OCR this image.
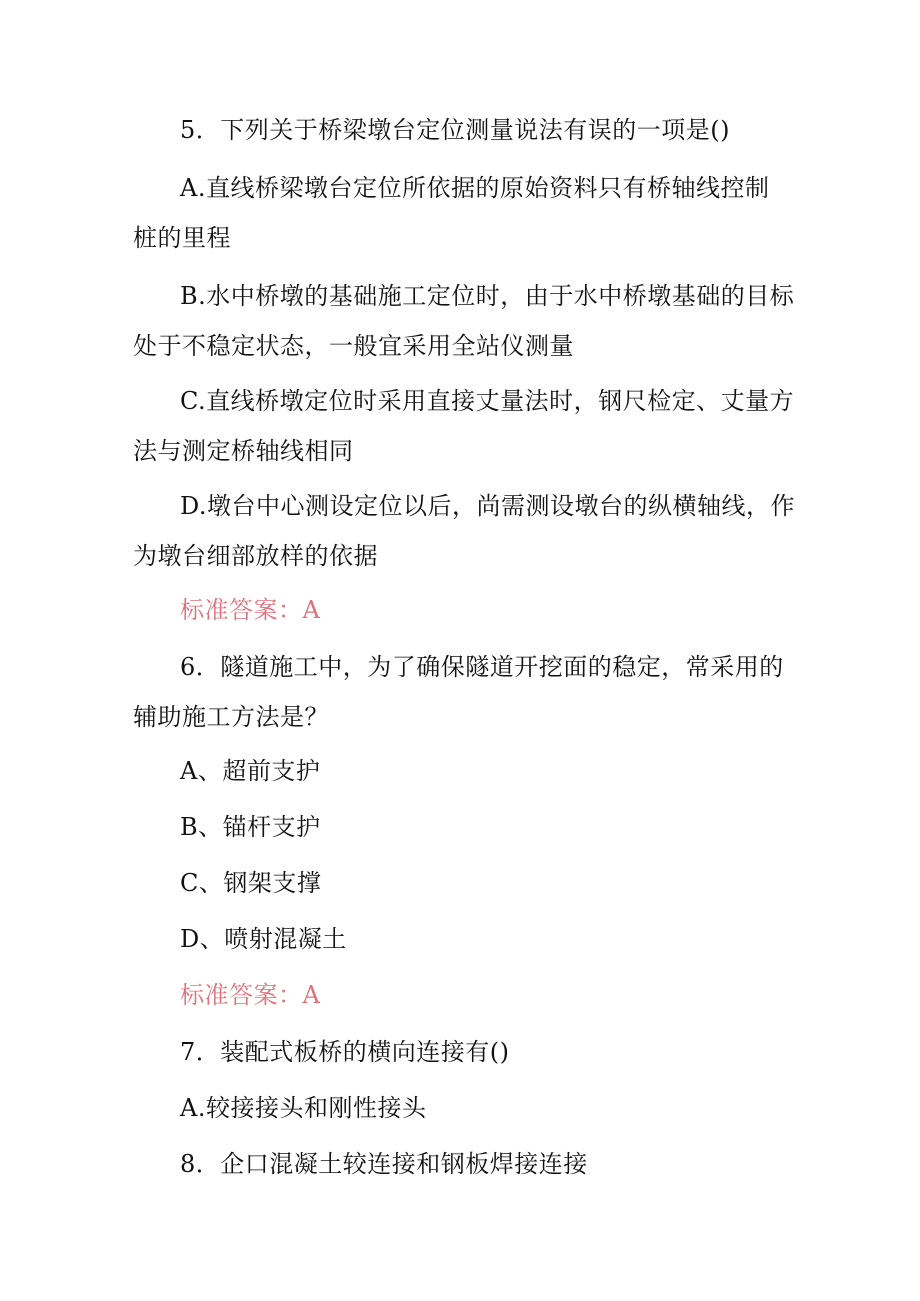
5．下列关于桥梁墩台定位测量说法有误的一项是()
A.直线桥梁墩台定位所依据的原始资料只有桥轴线控制
桩的里程
B.水中桥墩的基础施工定位时，由于水中桥墩基础的目标
处于不稳定状态，一般宜采用全站仪测量
C.直线桥墩定位时采用直接丈量法时，钢尺检定、丈量方
法与测定桥轴线相同
D.墩台中心测设定位以后，尚需测设墩台的纵横轴线，作
为墩台细部放样的依据
标准答案：A
6．隧道施工中，为了确保隧道开挖面的稳定，常采用的
辅助施工方法是？
A、超前支护
B、锚杆支护
C、钢架支撑
D、喷射混凝土
标准答案：A
7．装配式板桥的横向连接有()
A.较接接头和刚性接头
8．企口混凝土较连接和钢板焊接连接
